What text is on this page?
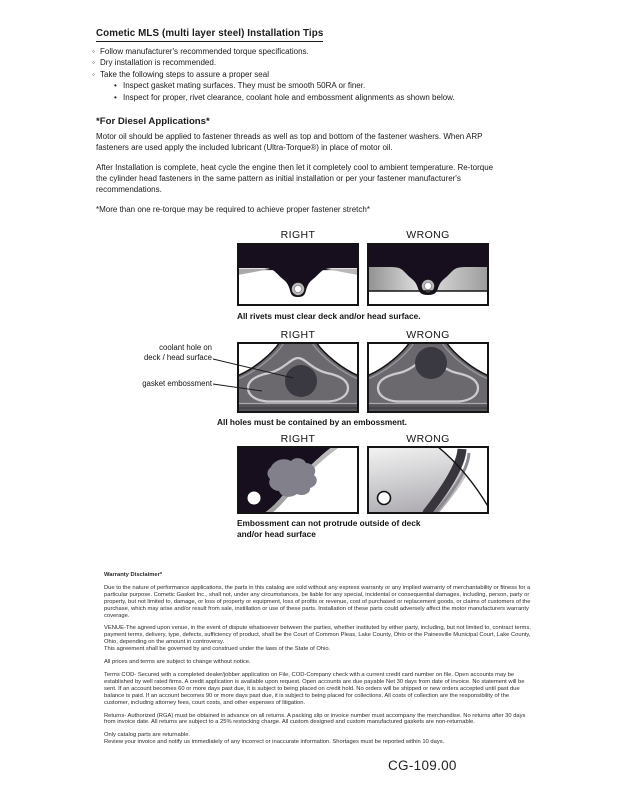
Cometic MLS (multi layer steel) Installation Tips
◦ Follow manufacturer's recommended torque specifications.
◦ Dry installation is recommended.
◦ Take the following steps to assure a proper seal
• Inspect gasket mating surfaces. They must be smooth 50RA or finer.
• Inspect for proper, rivet clearance, coolant hole and embossment alignments as shown below.
*For Diesel Applications*
Motor oil should be applied to fastener threads as well as top and bottom of the fastener washers. When ARP fasteners are used apply the included lubricant (Ultra-Torque®) in place of motor oil.
After Installation is complete, heat cycle the engine then let it completely cool to ambient temperature. Re-torque the cylinder head fasteners in the same pattern as initial installation or per your fastener manufacturer's recommendations.
*More than one re-torque may be required to achieve proper fastener stretch*
RIGHT	WRONG
All rivets must clear deck and/or head surface.
RIGHT	WRONG
coolant hole on
deck / head surface
gasket embossment
All holes must be contained by an embossment.
RIGHT	WRONG
Embossment can not protrude outside of deck
and/or head surface
Warranty Disclaimer*
Due to the nature of performance applications, the parts in this catalog are sold without any express warranty or any implied warranty of merchantability or fitness for a particular purpose. Cometic Gasket Inc., shall not, under any circumstances, be liable for any special, incidental or consequential damages, including, person, party or property, but not limited to, damage, or loss of property or equipment, loss of profits or revenue, cost of purchased or replacement goods, or claims of customers of the purchase, which may arise and/or result from sale, instillation or use of these parts. Installation of these parts could adversely affect the motor manufacturers warranty coverage.
VENUE-The agreed upon venue, in the event of dispute whatsoever between the parties, whether instituted by either party, including, but not limited to, contract terms, payment terms, delivery, type, defects, sufficiency of product, shall be the Court of Common Pleas, Lake County, Ohio or the Painesville Municipal Court, Lake County, Ohio, depending on the amount in controversy.
This agreement shall be governed by and construed under the laws of the State of Ohio.
All prices and terms are subject to change without notice.
Terms COD- Secured with a completed dealer/jobber application on File, COD-Company check with a current credit card number on file. Open accounts may be established by well rated firms. A credit application is available upon request. Open accounts are due payable Net 30 days from date of invoice. No statement will be sent. If an account becomes 60 or more days past due, it is subject to being placed on credit hold. No orders will be shipped or new orders accepted until past due balance is paid. If an account becomes 90 or more days past due, it is subject to being placed for collections. All costs of collection are the responsibility of the customer, including attorney fees, court costs, and other expenses of litigation.
Returns- Authorized (RGA) must be obtained in advance on all returns. A packing slip or invoice number must accompany the merchandise. No returns after 30 days from invoice date. All returns are subject to a 25% restocking charge. All custom designed and custom manufactured gaskets are non-returnable.
Only catalog parts are returnable.
Review your invoice and notify us immediately of any incorrect or inaccurate information. Shortages must be reported within 10 days.
CG-109.00
